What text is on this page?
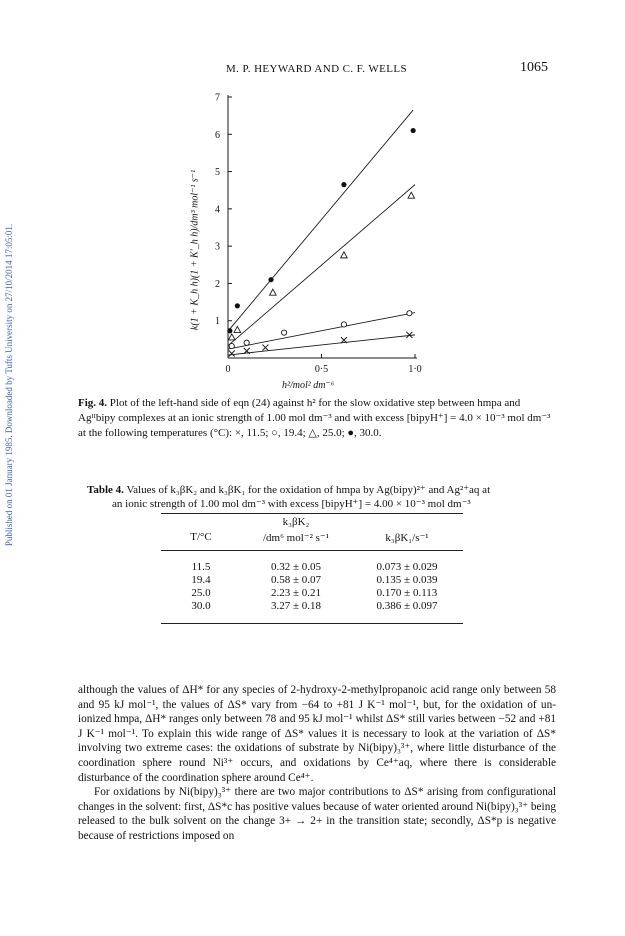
M. P. HEYWARD AND C. F. WELLS	1065
Published on 01 January 1985. Downloaded by Tufts University on 27/10/2014 17:05:01.	k(1 + K_h h)(1 + K'_h h)/dm³ mol⁻¹ s⁻¹ 1
2
3
4
5
6
7
0	0·5	1·0
h²/mol² dm⁻⁶
Fig. 4. Plot of the left-hand side of eqn (24) against h² for the slow oxidative step between hmpa and Agᴵᴵbipy complexes at an ionic strength of 1.00 mol dm⁻³ and with excess [bipyH⁺] = 4.0 × 10⁻³ mol dm⁻³ at the following temperatures (°C): ×, 11.5; ○, 19.4; △, 25.0; ●, 30.0.
Table 4. Values of k₃βK₂ and k₃βK₁ for the oxidation of hmpa by Ag(bipy)²⁺ and Ag²⁺aq at
an ionic strength of 1.00 mol dm⁻³ with excess [bipyH⁺] = 4.00 × 10⁻³ mol dm⁻³
k₃βK₂
T/°C	/dm⁶ mol⁻² s⁻¹	k₃βK₁/s⁻¹
11.5	0.32 ± 0.05	0.073 ± 0.029
19.4	0.58 ± 0.07	0.135 ± 0.039
25.0	2.23 ± 0.21	0.170 ± 0.113
30.0	3.27 ± 0.18	0.386 ± 0.097

although the values of ΔH* for any species of 2-hydroxy-2-methylpropanoic acid range only between 58 and 95 kJ mol⁻¹, the values of ΔS* vary from −64 to +81 J K⁻¹ mol⁻¹, but, for the oxidation of un-ionized hmpa, ΔH* ranges only between 78 and 95 kJ mol⁻¹ whilst ΔS* still varies between −52 and +81 J K⁻¹ mol⁻¹. To explain this wide range of ΔS* values it is necessary to look at the variation of ΔS* involving two extreme cases: the oxidations of substrate by Ni(bipy)₃³⁺, where little disturbance of the coordination sphere round Ni³⁺ occurs, and oxidations by Ce⁴⁺aq, where there is considerable disturbance of the coordination sphere around Ce⁴⁺.

For oxidations by Ni(bipy)₃³⁺ there are two major contributions to ΔS* arising from configurational changes in the solvent: first, ΔS*c has positive values because of water oriented around Ni(bipy)₃³⁺ being released to the bulk solvent on the change 3+ → 2+ in the transition state; secondly, ΔS*p is negative because of restrictions imposed on
